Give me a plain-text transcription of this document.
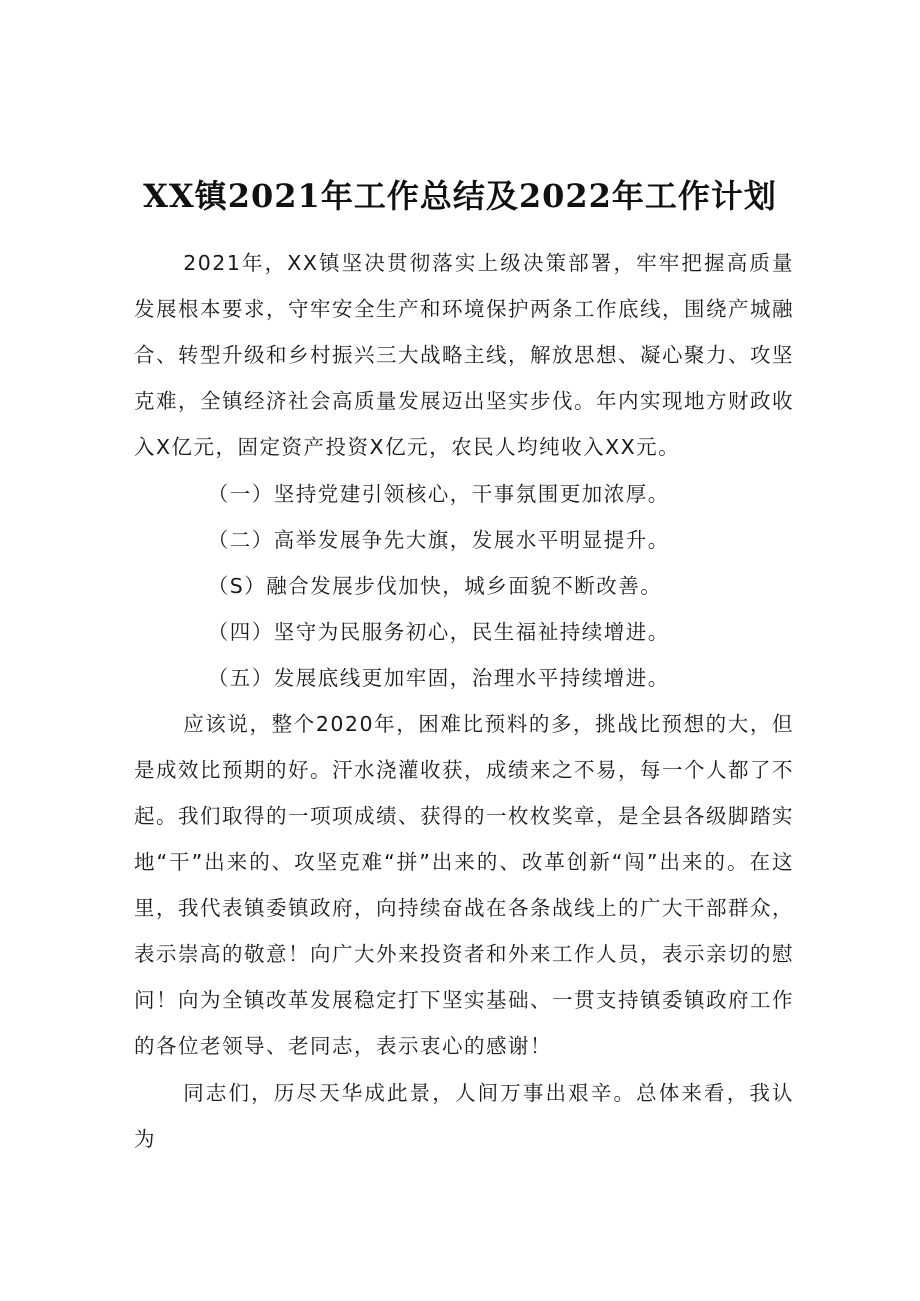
XX镇2021年工作总结及2022年工作计划

2021年，XX镇坚决贯彻落实上级决策部署，牢牢把握高质量发展根本要求，守牢安全生产和环境保护两条工作底线，围绕产城融合、转型升级和乡村振兴三大战略主线，解放思想、凝心聚力、攻坚克难，全镇经济社会高质量发展迈出坚实步伐。年内实现地方财政收入X亿元，固定资产投资X亿元，农民人均纯收入XX元。

（一）坚持党建引领核心，干事氛围更加浓厚。

（二）高举发展争先大旗，发展水平明显提升。

（S）融合发展步伐加快，城乡面貌不断改善。

（四）坚守为民服务初心，民生福祉持续增进。

（五）发展底线更加牢固，治理水平持续增进。

应该说，整个2020年，困难比预料的多，挑战比预想的大，但是成效比预期的好。汗水浇灌收获，成绩来之不易，每一个人都了不起。我们取得的一项项成绩、获得的一枚枚奖章，是全县各级脚踏实地“干”出来的、攻坚克难“拼”出来的、改革创新“闯”出来的。在这里，我代表镇委镇政府，向持续奋战在各条战线上的广大干部群众，表示崇高的敬意！向广大外来投资者和外来工作人员，表示亲切的慰问！向为全镇改革发展稳定打下坚实基础、一贯支持镇委镇政府工作的各位老领导、老同志，表示衷心的感谢！

同志们，历尽天华成此景，人间万事出艰辛。总体来看，我认为
